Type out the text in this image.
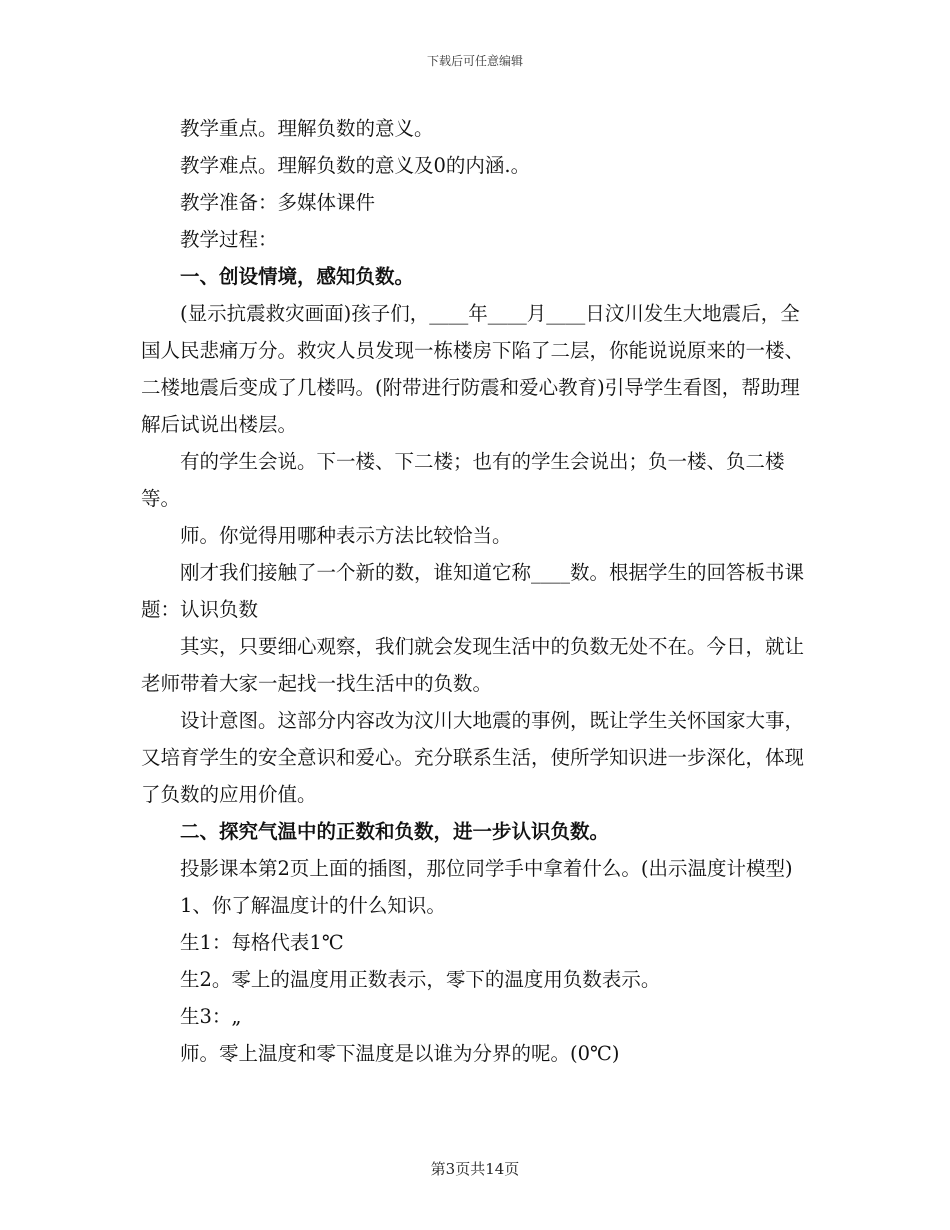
下载后可任意编辑

教学重点。理解负数的意义。

教学难点。理解负数的意义及0的内涵.。

教学准备：多媒体课件

教学过程：

一、创设情境，感知负数。

(显示抗震救灾画面)孩子们，____年____月____日汶川发生大地震后，全国人民悲痛万分。救灾人员发现一栋楼房下陷了二层，你能说说原来的一楼、二楼地震后变成了几楼吗。(附带进行防震和爱心教育)引导学生看图，帮助理解后试说出楼层。

有的学生会说。下一楼、下二楼；也有的学生会说出；负一楼、负二楼等。

师。你觉得用哪种表示方法比较恰当。

刚才我们接触了一个新的数，谁知道它称____数。根据学生的回答板书课题：认识负数

其实，只要细心观察，我们就会发现生活中的负数无处不在。今日，就让老师带着大家一起找一找生活中的负数。

设计意图。这部分内容改为汶川大地震的事例，既让学生关怀国家大事，又培育学生的安全意识和爱心。充分联系生活，使所学知识进一步深化，体现了负数的应用价值。

二、探究气温中的正数和负数，进一步认识负数。

投影课本第2页上面的插图，那位同学手中拿着什么。(出示温度计模型)

1、你了解温度计的什么知识。

生1：每格代表1℃

生2。零上的温度用正数表示，零下的温度用负数表示。

生3：„

师。零上温度和零下温度是以谁为分界的呢。(0℃)

第3页共14页
